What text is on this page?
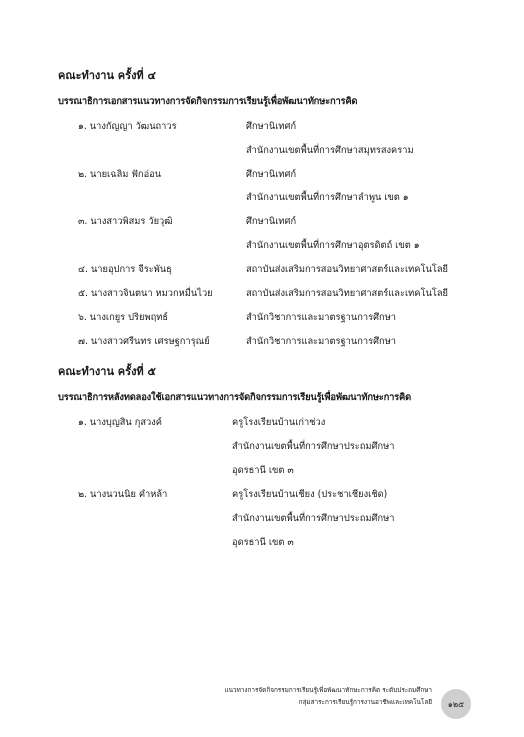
คณะทำงาน ครั้งที่ ๔
บรรณาธิการเอกสารแนวทางการจัดกิจกรรมการเรียนรู้เพื่อพัฒนาทักษะการคิด
๑. นางกัญญา วัฒนถาวร	ศึกษานิเทศก์
สำนักงานเขตพื้นที่การศึกษาสมุทรสงคราม
๒. นายเฉลิม ฟักอ่อน	ศึกษานิเทศก์
สำนักงานเขตพื้นที่การศึกษาลำพูน เขต ๑
๓. นางสาวพิสมร วัยวุฒิ	ศึกษานิเทศก์
สำนักงานเขตพื้นที่การศึกษาอุตรดิตถ์ เขต ๑
๔. นายอุปการ จีระพันธุ	สถาบันส่งเสริมการสอนวิทยาศาสตร์และเทคโนโลยี
๕. นางสาวจินตนา หมวกหมื่นไวย	สถาบันส่งเสริมการสอนวิทยาศาสตร์และเทคโนโลยี
๖. นางเกยูร ปริยพฤทธ์	สำนักวิชาการและมาตรฐานการศึกษา
๗. นางสาวศรีนทร เศรษฐการุณย์	สำนักวิชาการและมาตรฐานการศึกษา
คณะทำงาน ครั้งที่ ๕
บรรณาธิการหลังทดลองใช้เอกสารแนวทางการจัดกิจกรรมการเรียนรู้เพื่อพัฒนาทักษะการคิด
๑. นางบุญสิน กุสวงค์	ครูโรงเรียนบ้านเก่าช่วง
สำนักงานเขตพื้นที่การศึกษาประถมศึกษา
อุดรธานี เขต ๓
๒. นางนวนนิย คำหล้า	ครูโรงเรียนบ้านเชียง (ประชาเชียงเชิด)
สำนักงานเขตพื้นที่การศึกษาประถมศึกษา
อุดรธานี เขต ๓
แนวทางการจัดกิจกรรมการเรียนรู้เพื่อพัฒนาทักษะการคิด ระดับประถมศึกษา
กลุ่มสาระการเรียนรู้การงานอาชีพและเทคโนโลยี ๑๒๕
